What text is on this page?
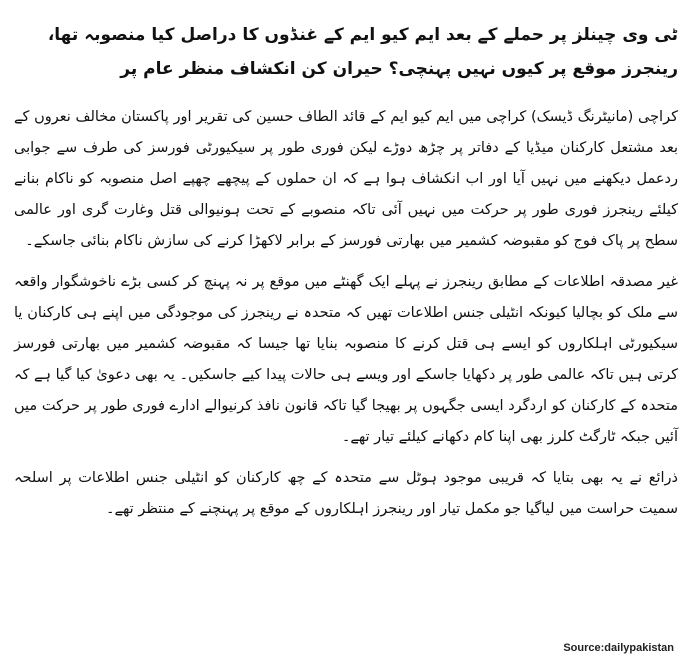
ٹی وی چینلز پر حملے کے بعد ایم کیو ایم کے غنڈوں کا دراصل کیا منصوبہ تھا، رینجرز موقع پر کیوں نہیں پہنچی؟ حیران کن انکشاف منظر عام پر
کراچی (مانیٹرنگ ڈیسک) کراچی میں ایم کیو ایم کے قائد الطاف حسین کی تقریر اور پاکستان مخالف نعروں کے بعد مشتعل کارکنان میڈیا کے دفاتر پر چڑھ دوڑے لیکن فوری طور پر سیکیورٹی فورسز کی طرف سے جوابی ردعمل دیکھنے میں نہیں آیا اور اب انکشاف ہوا ہے کہ ان حملوں کے پیچھے چھپے اصل منصوبہ کو ناکام بنانے کیلئے رینجرز فوری طور پر حرکت میں نہیں آئی تاکہ منصوبے کے تحت ہونیوالی قتل وغارت گری اور عالمی سطح پر پاک فوج کو مقبوضہ کشمیر میں بھارتی فورسز کے برابر لاکھڑا کرنے کی سازش ناکام بنائی جاسکے۔
غیر مصدقہ اطلاعات کے مطابق رینجرز نے پہلے ایک گھنٹے میں موقع پر نہ پہنچ کر کسی بڑے ناخوشگوار واقعہ سے ملک کو بچالیا کیونکہ انٹیلی جنس اطلاعات تھیں کہ متحدہ نے رینجرز کی موجودگی میں اپنے ہی کارکنان یا سیکیورٹی اہلکاروں کو ایسے ہی قتل کرنے کا منصوبہ بنایا تھا جیسا کہ مقبوضہ کشمیر میں بھارتی فورسز کرتی ہیں تاکہ عالمی طور پر دکھایا جاسکے اور ویسے ہی حالات پیدا کیے جاسکیں۔ یہ بھی دعویٰ کیا گیا ہے کہ متحدہ کے کارکنان کو اردگرد ایسی جگہوں پر بھیجا گیا تاکہ قانون نافذ کرنیوالے ادارے فوری طور پر حرکت میں آئیں جبکہ ٹارگٹ کلرز بھی اپنا کام دکھانے کیلئے تیار تھے۔
ذرائع نے یہ بھی بتایا کہ قریبی موجود ہوٹل سے متحدہ کے چھ کارکنان کو انٹیلی جنس اطلاعات پر اسلحہ سمیت حراست میں لیاگیا جو مکمل تیار اور رینجرز اہلکاروں کے موقع پر پہنچنے کے منتظر تھے۔
Source:dailypakistan
